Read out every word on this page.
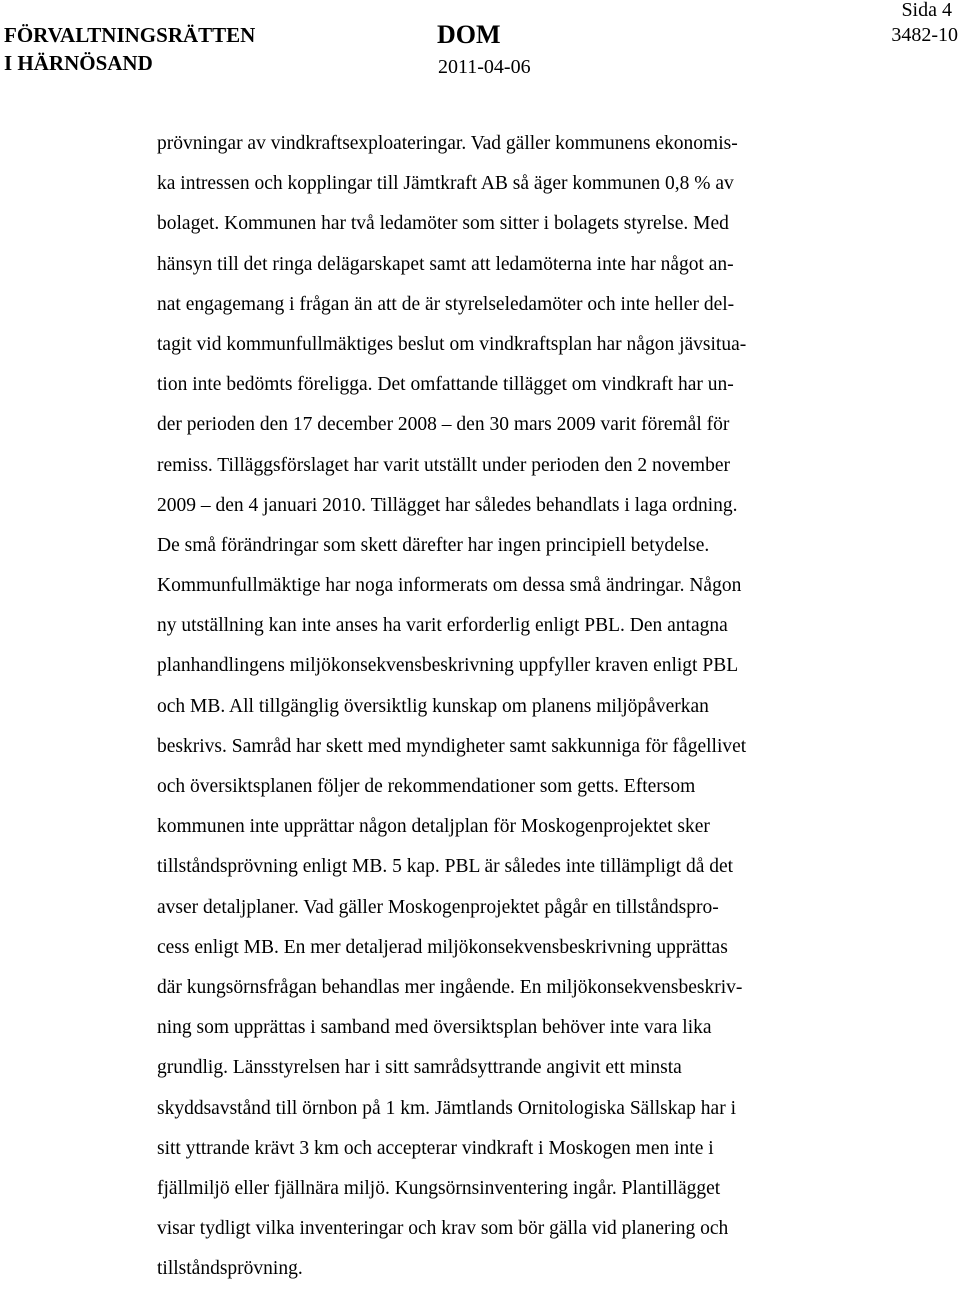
FÖRVALTNINGSRÄTTEN
I HÄRNÖSAND
DOM
2011-04-06
Sida 4
3482-10
prövningar av vindkraftsexploateringar. Vad gäller kommunens ekonomis-
ka intressen och kopplingar till Jämtkraft AB så äger kommunen 0,8 % av
bolaget. Kommunen har två ledamöter som sitter i bolagets styrelse. Med
hänsyn till det ringa delägarskapet samt att ledamöterna inte har något an-
nat engagemang i frågan än att de är styrelseledamöter och inte heller del-
tagit vid kommunfullmäktiges beslut om vindkraftsplan har någon jävsitua-
tion inte bedömts föreligga. Det omfattande tillägget om vindkraft har un-
der perioden den 17 december 2008 – den 30 mars 2009 varit föremål för
remiss. Tilläggsförslaget har varit utställt under perioden den 2 november
2009 – den 4 januari 2010. Tillägget har således behandlats i laga ordning.
De små förändringar som skett därefter har ingen principiell betydelse.
Kommunfullmäktige har noga informerats om dessa små ändringar. Någon
ny utställning kan inte anses ha varit erforderlig enligt PBL. Den antagna
planhandlingens miljökonsekvensbeskrivning uppfyller kraven enligt PBL
och MB. All tillgänglig översiktlig kunskap om planens miljöpåverkan
beskrivs. Samråd har skett med myndigheter samt sakkunniga för fågellivet
och översiktsplanen följer de rekommendationer som getts. Eftersom
kommunen inte upprättar någon detaljplan för Moskogenprojektet sker
tillståndsprövning enligt MB. 5 kap. PBL är således inte tillämpligt då det
avser detaljplaner. Vad gäller Moskogenprojektet pågår en tillståndspro-
cess enligt MB. En mer detaljerad miljökonsekvensbeskrivning upprättas
där kungsörnsfrågan behandlas mer ingående. En miljökonsekvensbeskriv-
ning som upprättas i samband med översiktsplan behöver inte vara lika
grundlig. Länsstyrelsen har i sitt samrådsyttrande angivit ett minsta
skyddsavstånd till örnbon på 1 km. Jämtlands Ornitologiska Sällskap har i
sitt yttrande krävt 3 km och accepterar vindkraft i Moskogen men inte i
fjällmiljö eller fjällnära miljö. Kungsörnsinventering ingår. Plantillägget
visar tydligt vilka inventeringar och krav som bör gälla vid planering och
tillståndsprövning.
